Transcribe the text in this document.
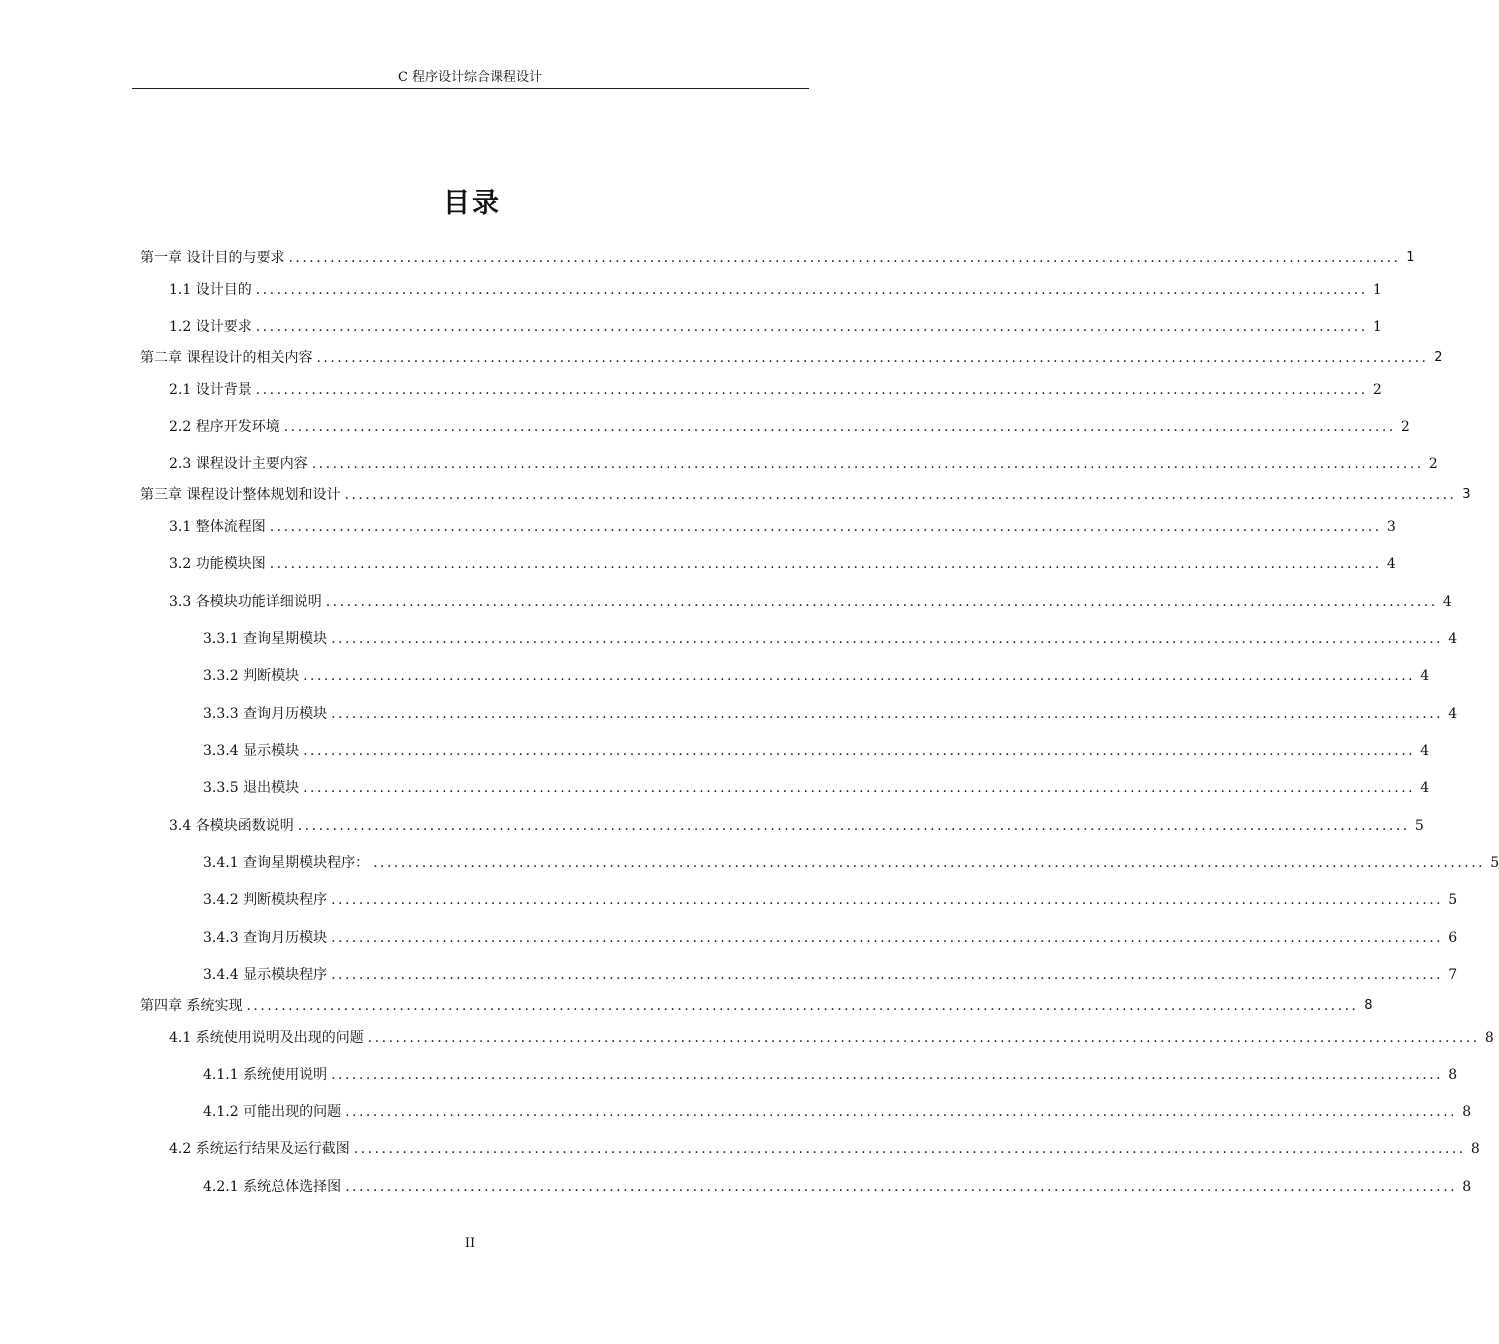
C 程序设计综合课程设计
目录
第一章 设计目的与要求 ................................................................................................................................................................ 1
1.1 设计目的 ................................................................................................................................................................ 1
1.2 设计要求 ................................................................................................................................................................ 1
第二章 课程设计的相关内容 ................................................................................................................................................................ 2
2.1 设计背景 ................................................................................................................................................................ 2
2.2 程序开发环境 ................................................................................................................................................................ 2
2.3 课程设计主要内容 ................................................................................................................................................................ 2
第三章 课程设计整体规划和设计 ................................................................................................................................................................ 3
3.1 整体流程图 ................................................................................................................................................................ 3
3.2 功能模块图 ................................................................................................................................................................ 4
3.3 各模块功能详细说明 ................................................................................................................................................................ 4
3.3.1 查询星期模块 ................................................................................................................................................................ 4
3.3.2 判断模块 ................................................................................................................................................................ 4
3.3.3 查询月历模块 ................................................................................................................................................................ 4
3.3.4 显示模块 ................................................................................................................................................................ 4
3.3.5 退出模块 ................................................................................................................................................................ 4
3.4 各模块函数说明 ................................................................................................................................................................ 5
3.4.1 查询星期模块程序： ................................................................................................................................................................ 5
3.4.2 判断模块程序 ................................................................................................................................................................ 5
3.4.3 查询月历模块 ................................................................................................................................................................ 6
3.4.4 显示模块程序 ................................................................................................................................................................ 7
第四章 系统实现 ................................................................................................................................................................ 8
4.1 系统使用说明及出现的问题 ................................................................................................................................................................ 8
4.1.1 系统使用说明 ................................................................................................................................................................ 8
4.1.2 可能出现的问题 ................................................................................................................................................................ 8
4.2 系统运行结果及运行截图 ................................................................................................................................................................ 8
4.2.1 系统总体选择图 ................................................................................................................................................................ 8
II
